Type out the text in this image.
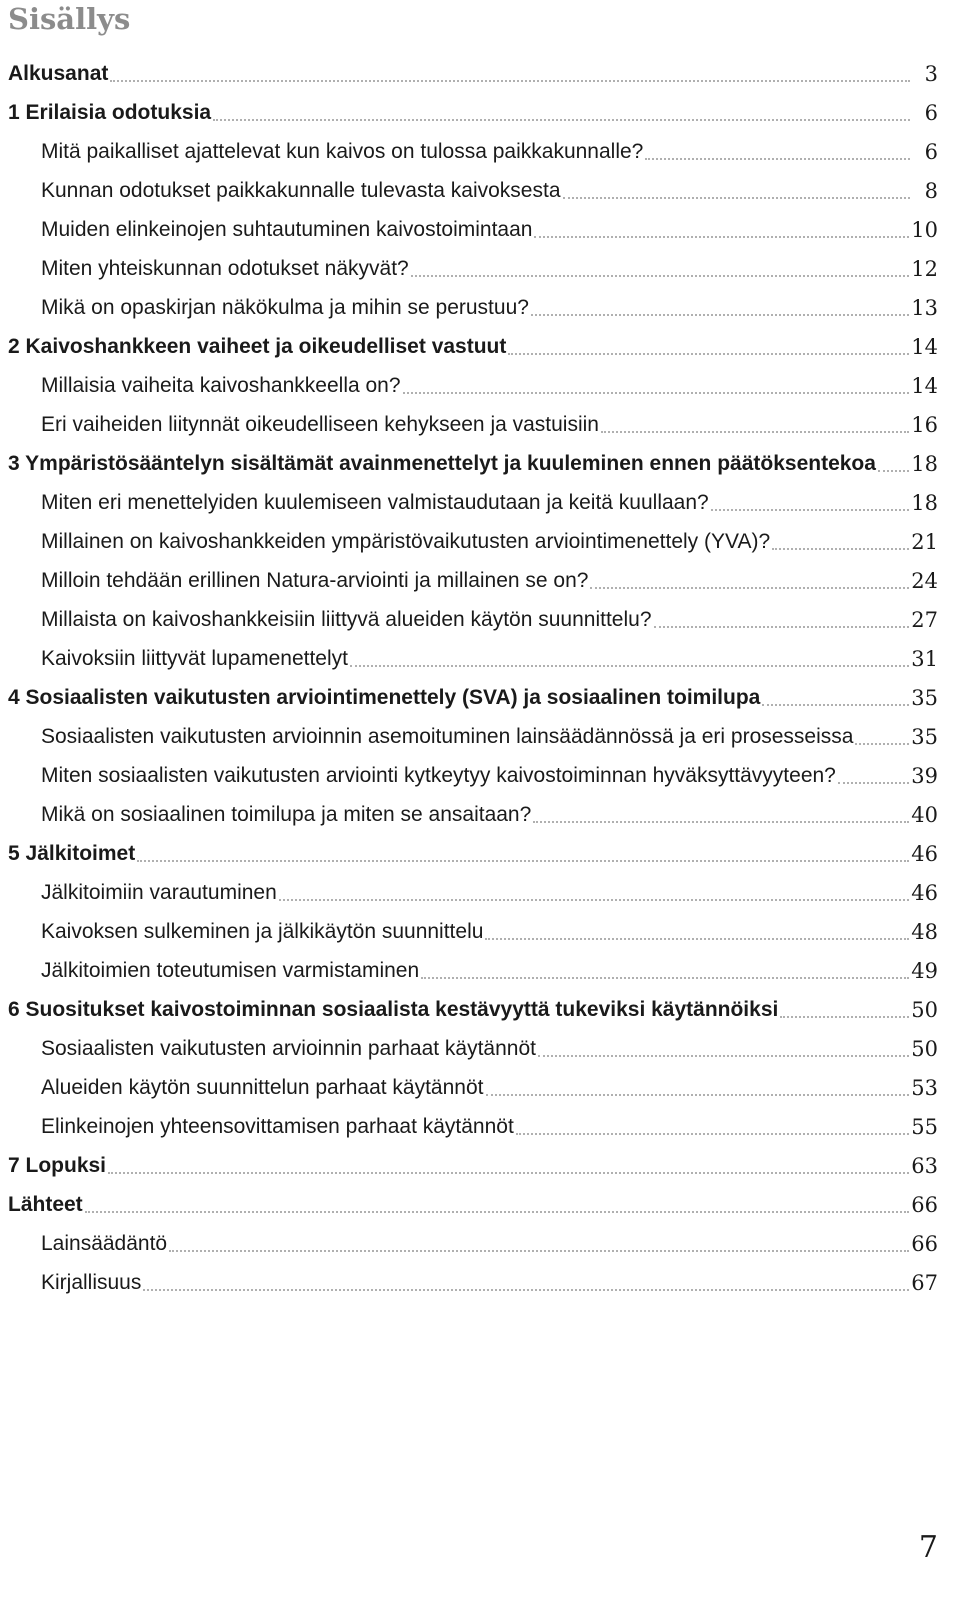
Sisällys
Alkusanat	3
1 Erilaisia odotuksia	6
Mitä paikalliset ajattelevat kun kaivos on tulossa paikkakunnalle?	6
Kunnan odotukset paikkakunnalle tulevasta kaivoksesta	8
Muiden elinkeinojen suhtautuminen kaivostoimintaan	10
Miten yhteiskunnan odotukset näkyvät?	12
Mikä on opaskirjan näkökulma ja mihin se perustuu?	13
2 Kaivoshankkeen vaiheet ja oikeudelliset vastuut	14
Millaisia vaiheita kaivoshankkeella on?	14
Eri vaiheiden liitynnät oikeudelliseen kehykseen ja vastuisiin	16
3 Ympäristösääntelyn sisältämät avainmenettelyt ja kuuleminen ennen päätöksentekoa 18
Miten eri menettelyiden kuulemiseen valmistaudutaan ja keitä kuullaan?	18
Millainen on kaivoshankkeiden ympäristövaikutusten arviointimenettely (YVA)?	21
Milloin tehdään erillinen Natura-arviointi ja millainen se on?	24
Millaista on kaivoshankkeisiin liittyvä alueiden käytön suunnittelu?	27
Kaivoksiin liittyvät lupamenettelyt	31
4 Sosiaalisten vaikutusten arviointimenettely (SVA) ja sosiaalinen toimilupa	35
Sosiaalisten vaikutusten arvioinnin asemoituminen lainsäädännössä ja eri prosesseissa	35
Miten sosiaalisten vaikutusten arviointi kytkeytyy kaivostoiminnan hyväksyttävyyteen?	39
Mikä on sosiaalinen toimilupa ja miten se ansaitaan?	40
5 Jälkitoimet	46
Jälkitoimiin varautuminen	46
Kaivoksen sulkeminen ja jälkikäytön suunnittelu	48
Jälkitoimien toteutumisen varmistaminen	49
6 Suositukset kaivostoiminnan sosiaalista kestävyyttä tukeviksi käytännöiksi	50
Sosiaalisten vaikutusten arvioinnin parhaat käytännöt	50
Alueiden käytön suunnittelun parhaat käytännöt	53
Elinkeinojen yhteensovittamisen parhaat käytännöt	55
7 Lopuksi	63
Lähteet	66
Lainsäädäntö	66
Kirjallisuus	67
7
